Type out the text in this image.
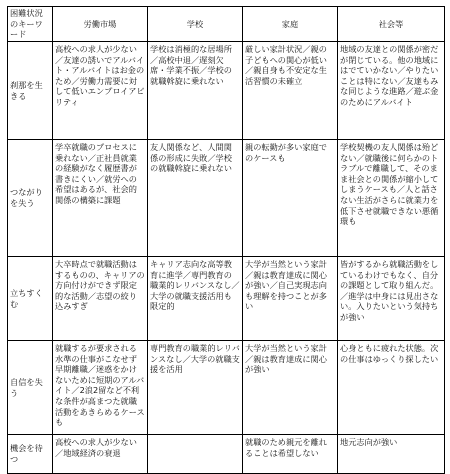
困難状況のキーワード	労働市場	学校	家庭	社会等
刹那を生きる	高校への求人が少ない／友達の誘いでアルバイト・アルバイトはお金のため／労働力需要に対して低いエンプロイアビリティ	学校は消極的な居場所／高校中退／遅刻欠席・学業不振／学校の就職斡旋に乗れない	厳しい家計状況／親の子どもへの関心が低い／親自身も不安定な生活習慣の未確立	地域の友達との関係が密だが閉じている。他の地域にはでていかない／やりたいことは特にない／友達もみな同じような進路／遊ぶ金のためにアルバイト
つながりを失う	学卒就職のプロセスに乗れない／正社員就業の経験がなく履歴書が書きにくい／就労への希望はあるが、社会的関係の構築に課題	友人関係など、人間関係の形成に失敗／学校の就職斡旋に乗れない	親の転勤が多い家庭でのケースも	学校契機の友人関係は殆どない／就職後に何らかのトラブルで離職して、そのまま社会との関係が縮小してしまうケースも／人と話さない生活がさらに就業力を低下させ就職できない悪循環も
立ちすくむ	大卒時点で就職活動はするものの、キャリアの方向付けができず限定的な活動／志望の絞り込みすぎ	キャリア志向な高等教育に進学／専門教育の職業的レリバンスなし／大学の就職支援活用も限定的	大学が当然という家計／親は教育達成に関心が強い／自己実現志向も理解を持つことが多い	皆がするから就職活動をしているわけでもなく、自分の課題として取り組んだ。／進学は中身には見出さない。入りたいという気持ちが強い
自信を失う	就職するが要求される水準の仕事がこなせず早期離職／迷惑をかけないために短期のアルバイト／2浪2留など不利な条件が高まつた就職活動をあきらめるケースも	専門教育の職業的レリバンスなし／大学の就職支援を活用	大学が当然という家計／親は教育達成に関心が強い	心身ともに疲れた状態。次の仕事はゆっくり探したい
機会を待つ	高校への求人が少ない／地域経済の衰退		就職のため親元を離れることは希望しない	地元志向が強い
